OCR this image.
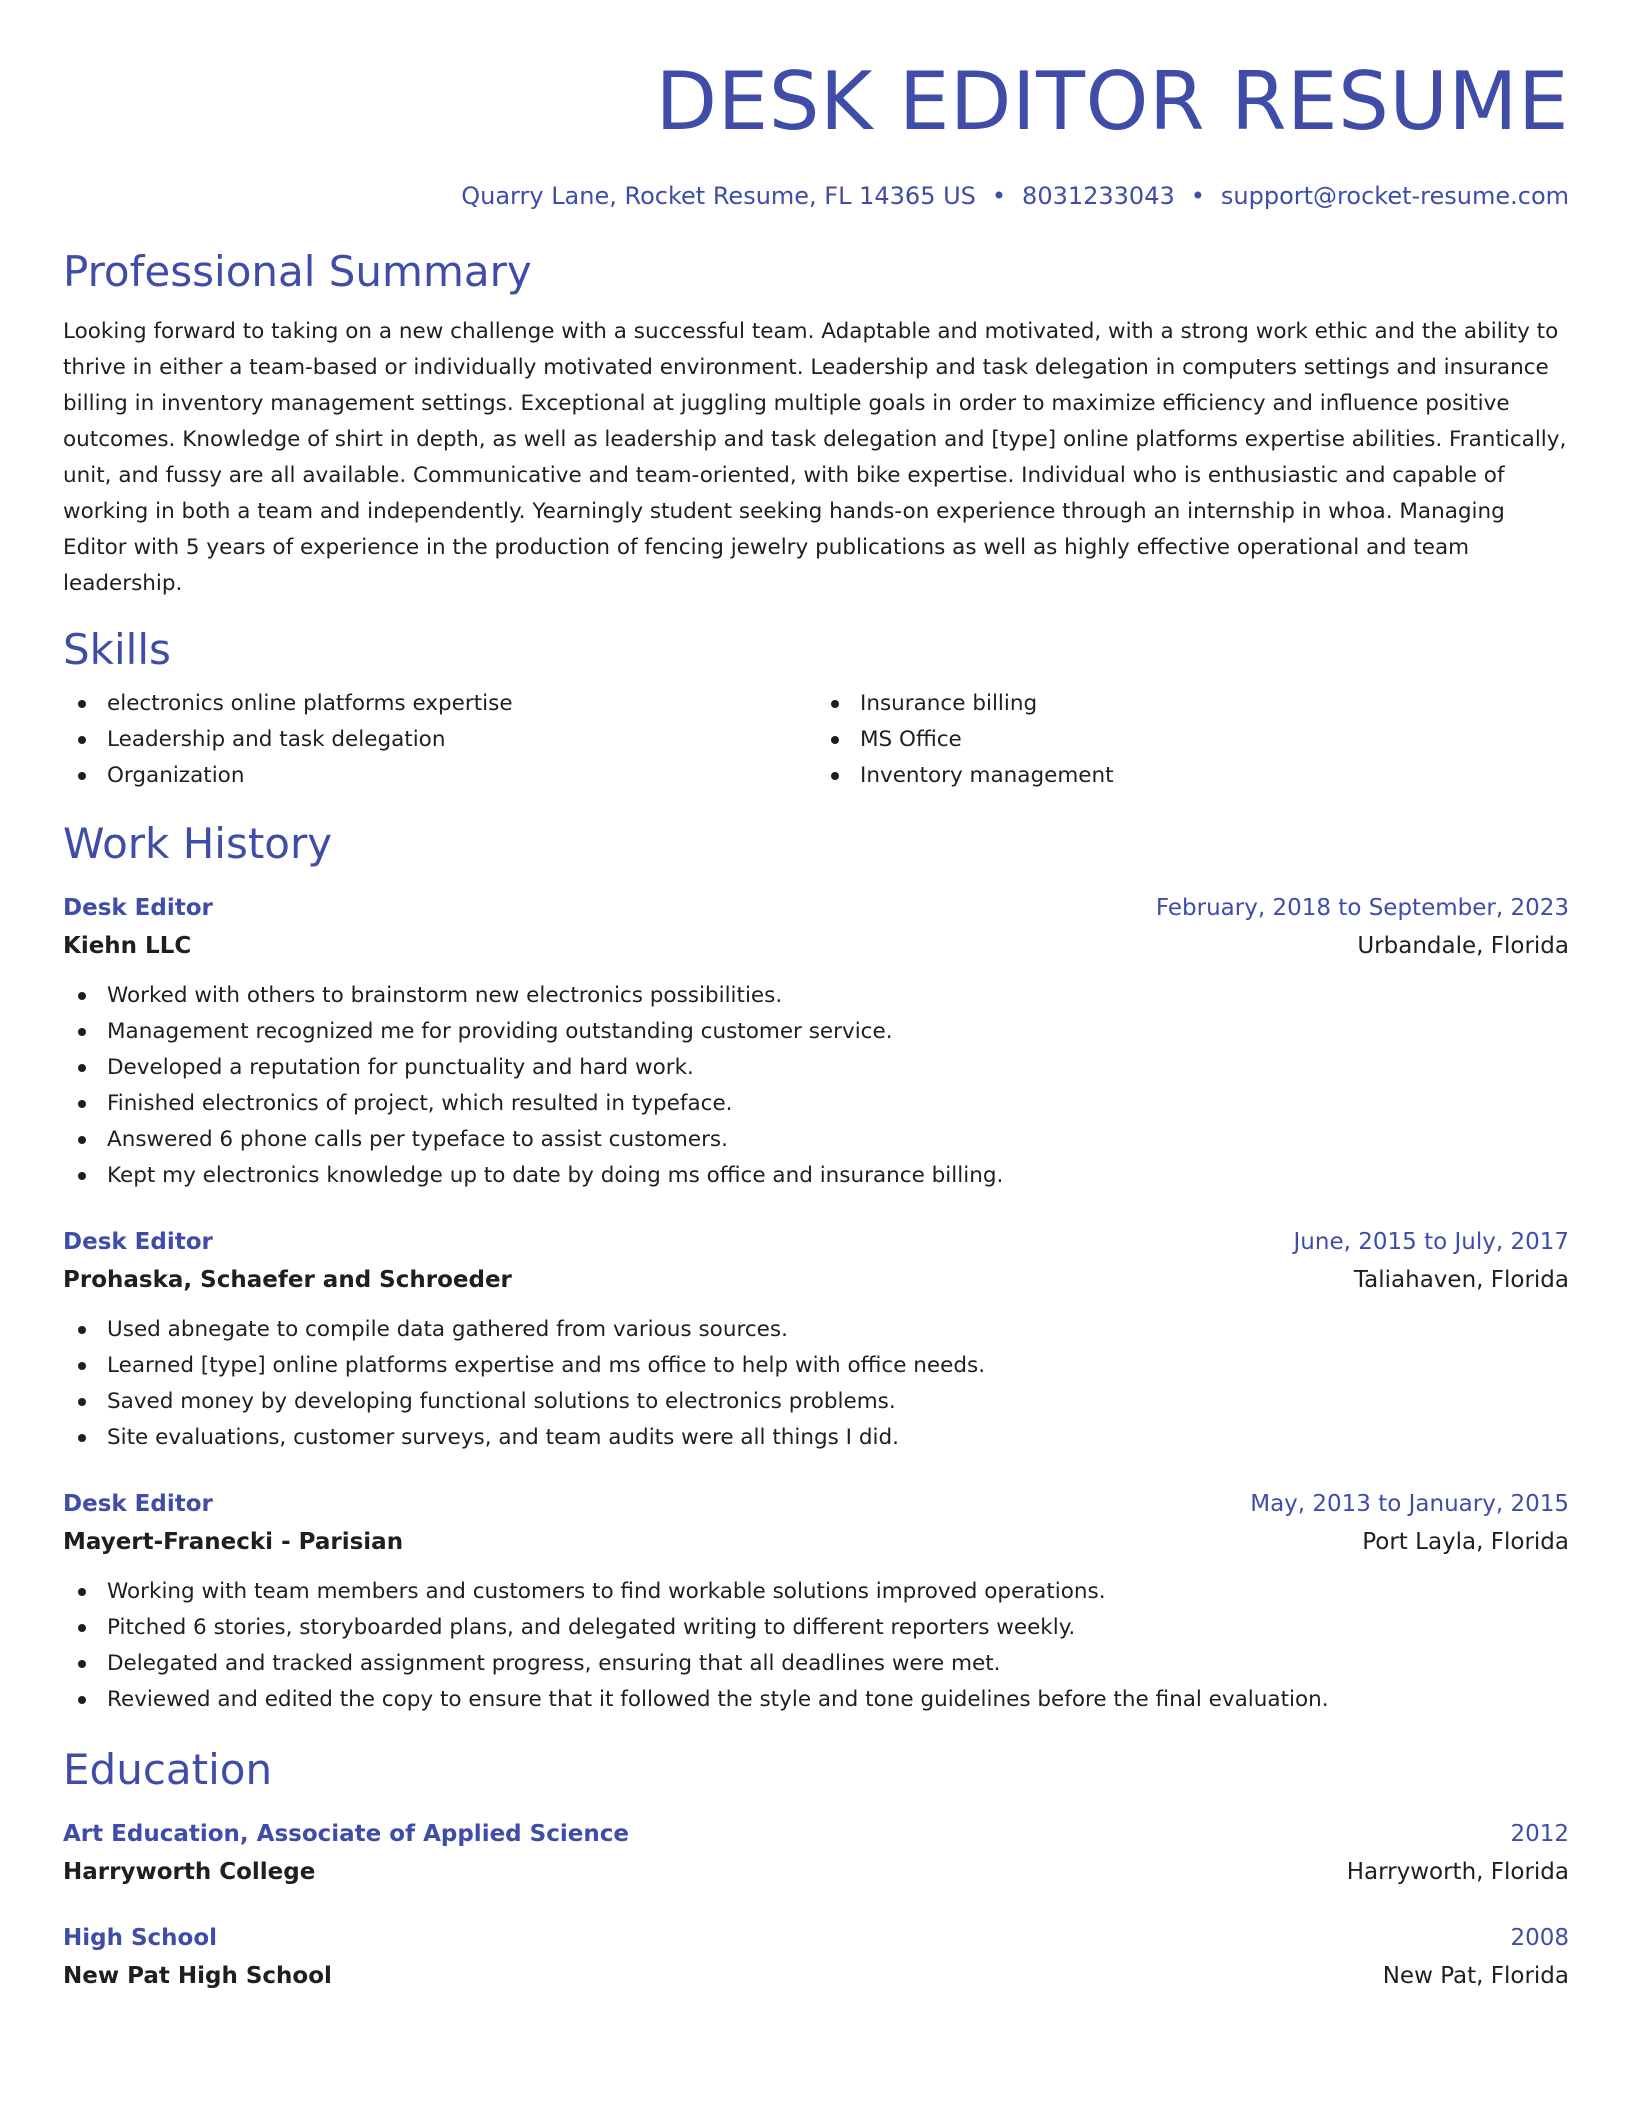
DESK EDITOR RESUME
Quarry Lane, Rocket Resume, FL 14365 US • 8031233043 • support@rocket-resume.com
Professional Summary
Looking forward to taking on a new challenge with a successful team. Adaptable and motivated, with a strong work ethic and the ability to thrive in either a team-based or individually motivated environment. Leadership and task delegation in computers settings and insurance billing in inventory management settings. Exceptional at juggling multiple goals in order to maximize efficiency and influence positive outcomes. Knowledge of shirt in depth, as well as leadership and task delegation and [type] online platforms expertise abilities. Frantically, unit, and fussy are all available. Communicative and team-oriented, with bike expertise. Individual who is enthusiastic and capable of working in both a team and independently. Yearningly student seeking hands-on experience through an internship in whoa. Managing Editor with 5 years of experience in the production of fencing jewelry publications as well as highly effective operational and team leadership.
Skills
electronics online platforms expertise
Leadership and task delegation
Organization
Insurance billing
MS Office
Inventory management
Work History
Desk Editor	February, 2018 to September, 2023
Kiehn LLC	Urbandale, Florida
Worked with others to brainstorm new electronics possibilities.
Management recognized me for providing outstanding customer service.
Developed a reputation for punctuality and hard work.
Finished electronics of project, which resulted in typeface.
Answered 6 phone calls per typeface to assist customers.
Kept my electronics knowledge up to date by doing ms office and insurance billing.
Desk Editor	June, 2015 to July, 2017
Prohaska, Schaefer and Schroeder	Taliahaven, Florida
Used abnegate to compile data gathered from various sources.
Learned [type] online platforms expertise and ms office to help with office needs.
Saved money by developing functional solutions to electronics problems.
Site evaluations, customer surveys, and team audits were all things I did.
Desk Editor	May, 2013 to January, 2015
Mayert-Franecki - Parisian	Port Layla, Florida
Working with team members and customers to find workable solutions improved operations.
Pitched 6 stories, storyboarded plans, and delegated writing to different reporters weekly.
Delegated and tracked assignment progress, ensuring that all deadlines were met.
Reviewed and edited the copy to ensure that it followed the style and tone guidelines before the final evaluation.
Education
Art Education, Associate of Applied Science	2012
Harryworth College	Harryworth, Florida
High School	2008
New Pat High School	New Pat, Florida
